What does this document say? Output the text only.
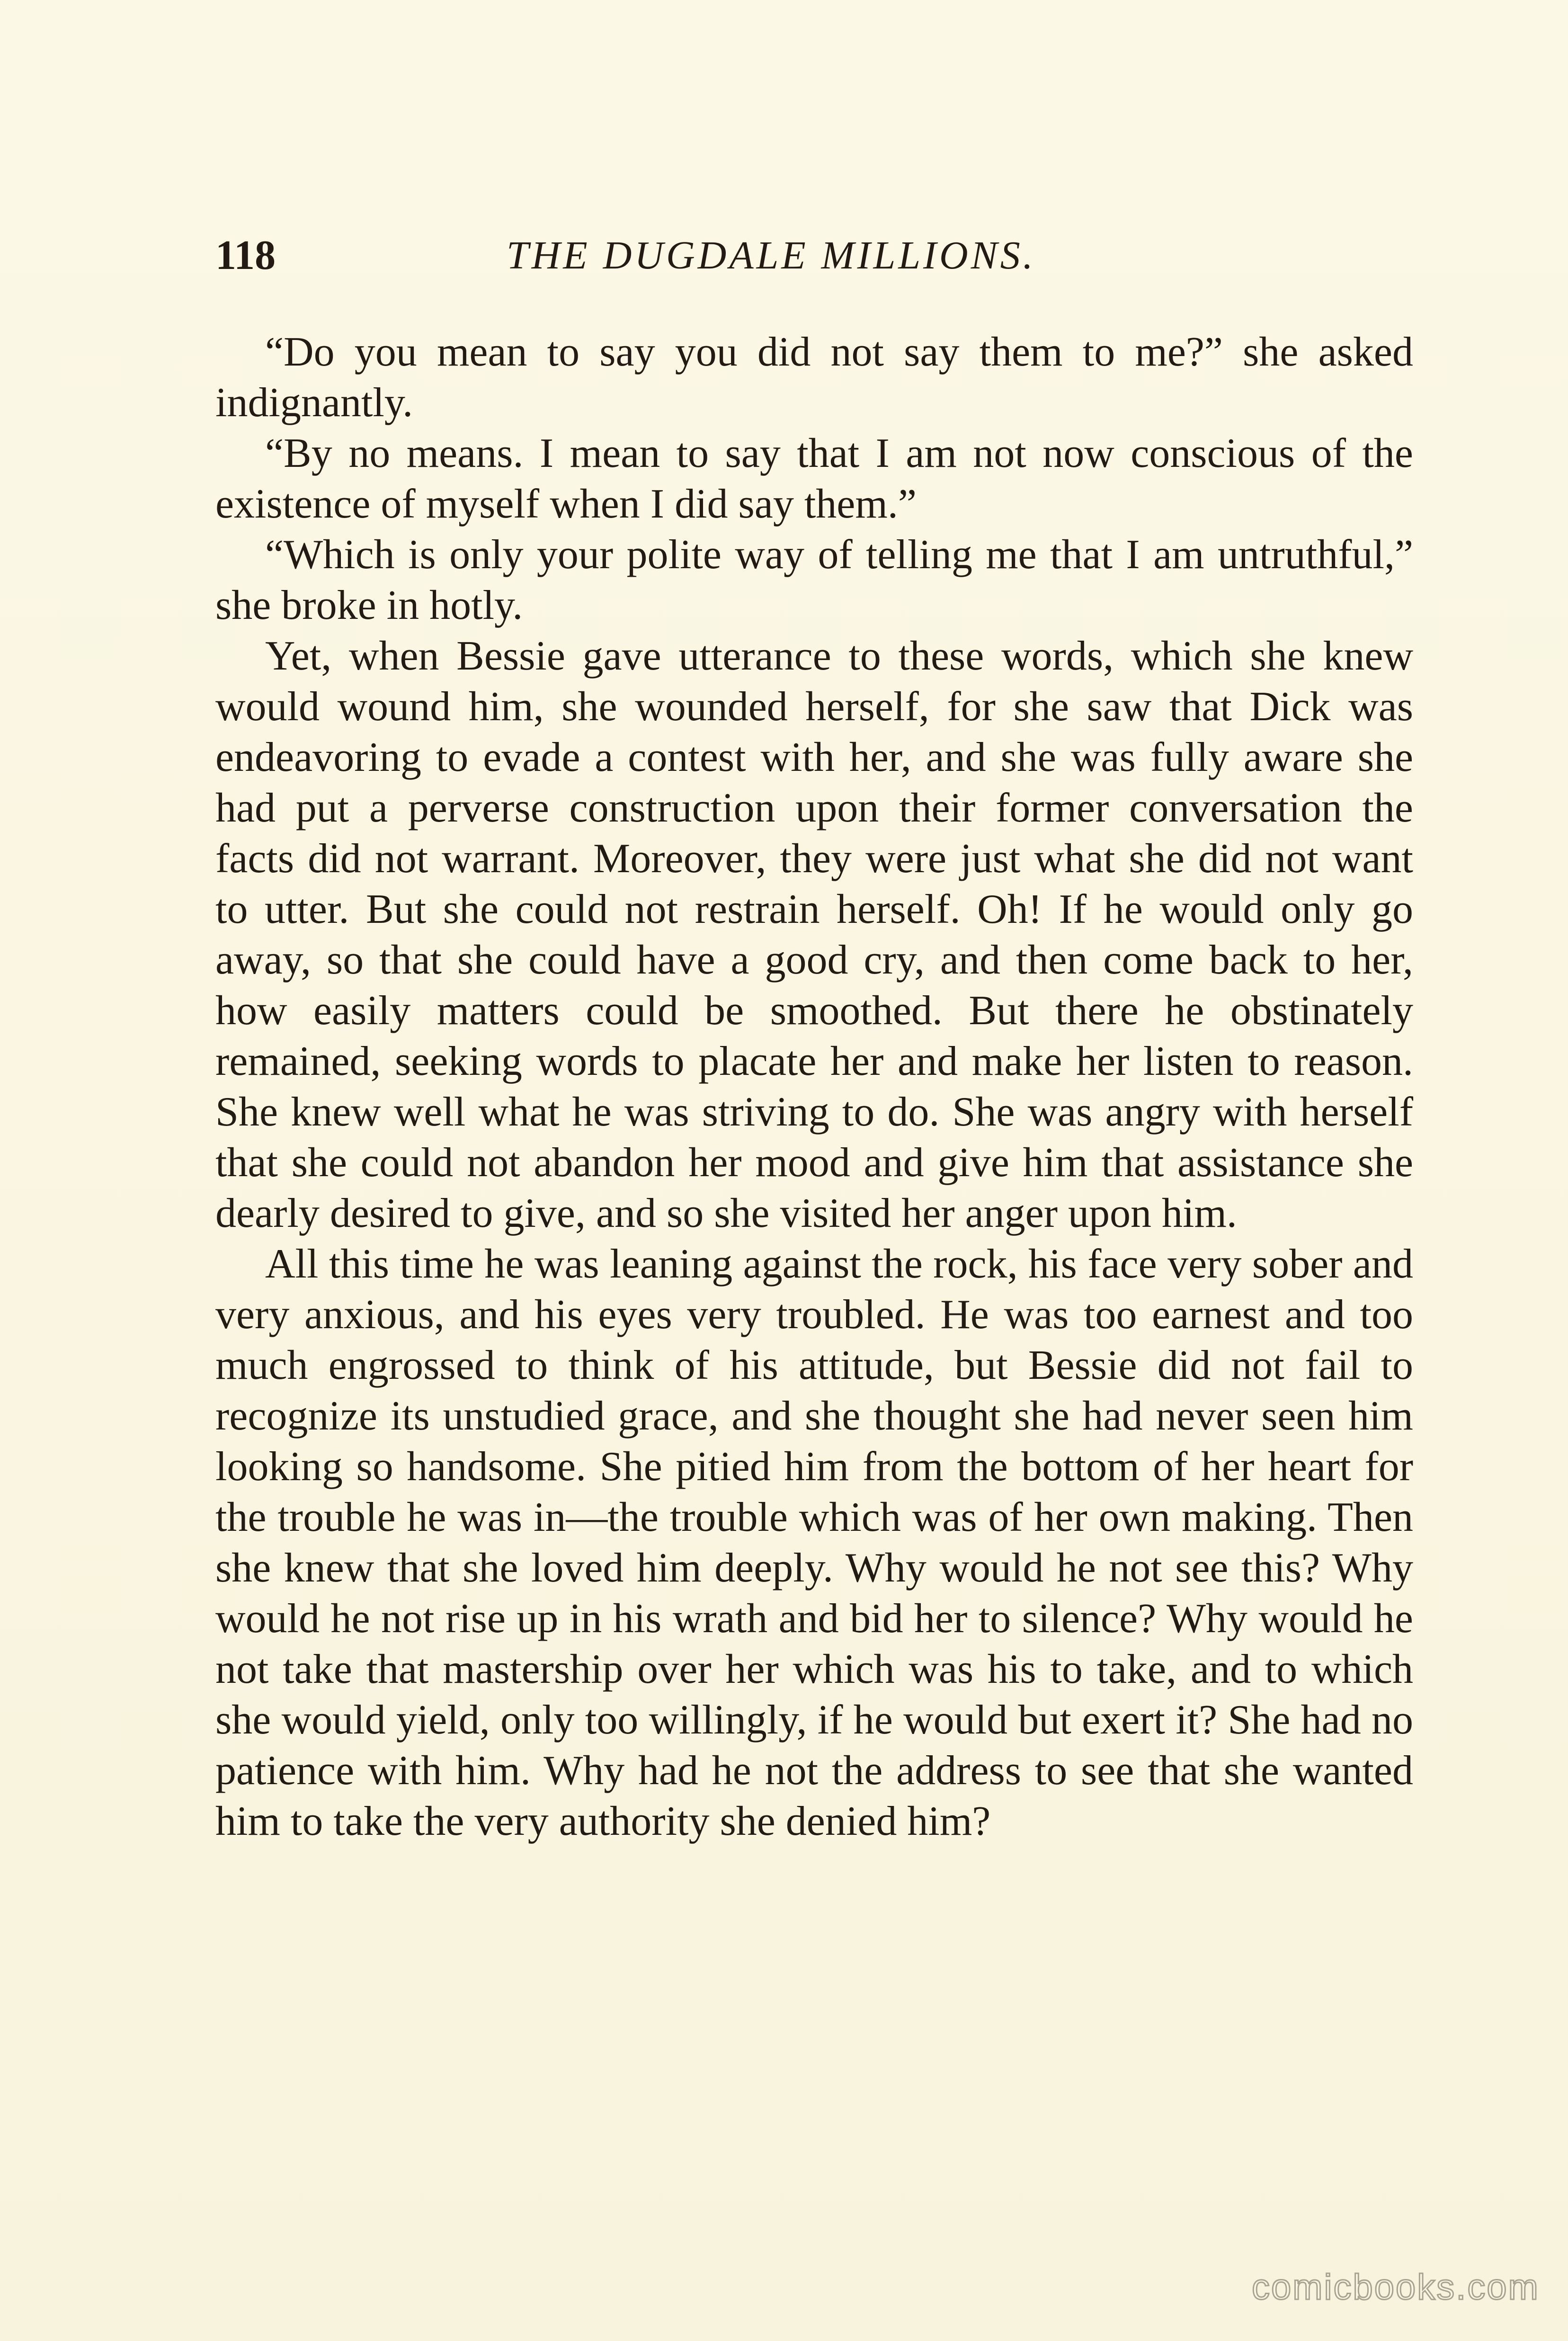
118	THE DUGDALE MILLIONS.

“Do you mean to say you did not say them to me?” she asked indignantly.

“By no means. I mean to say that I am not now conscious of the existence of myself when I did say them.”

“Which is only your polite way of telling me that I am untruthful,” she broke in hotly.

Yet, when Bessie gave utterance to these words, which she knew would wound him, she wounded herself, for she saw that Dick was endeavoring to evade a contest with her, and she was fully aware she had put a perverse construction upon their former conversation the facts did not warrant. Moreover, they were just what she did not want to utter. But she could not restrain herself. Oh! If he would only go away, so that she could have a good cry, and then come back to her, how easily matters could be smoothed. But there he obstinately remained, seeking words to placate her and make her listen to reason. She knew well what he was striving to do. She was angry with herself that she could not abandon her mood and give him that assistance she dearly desired to give, and so she visited her anger upon him.

All this time he was leaning against the rock, his face very sober and very anxious, and his eyes very troubled. He was too earnest and too much engrossed to think of his attitude, but Bessie did not fail to recognize its unstudied grace, and she thought she had never seen him looking so handsome. She pitied him from the bottom of her heart for the trouble he was in—the trouble which was of her own making. Then she knew that she loved him deeply. Why would he not see this? Why would he not rise up in his wrath and bid her to silence? Why would he not take that mastership over her which was his to take, and to which she would yield, only too willingly, if he would but exert it? She had no patience with him. Why had he not the address to see that she wanted him to take the very authority she denied him?

comicbooks.com
